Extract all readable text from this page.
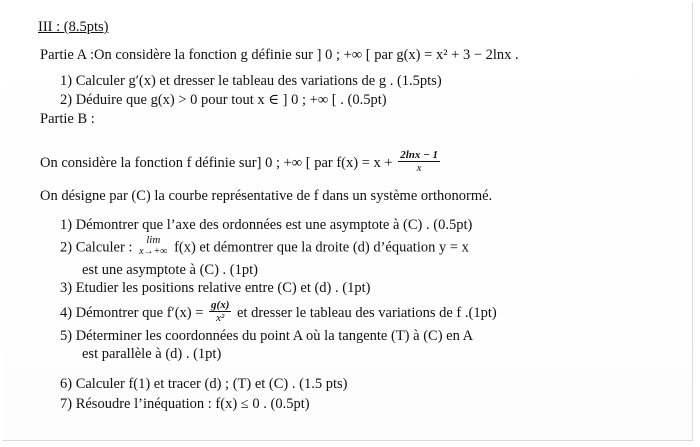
III : (8.5pts)
Partie A :On considère la fonction g définie sur ] 0 ; +∞ [ par g(x) = x² + 3 − 2lnx .
1) Calculer g′(x) et dresser le tableau des variations de g . (1.5pts)
2) Déduire que g(x) > 0 pour tout x ∈ ] 0 ; +∞ [ . (0.5pt)
Partie B :
On considère la fonction f définie sur] 0 ; +∞ [ par $f(x) = x + \frac{2\ln x - 1}{x}$
On désigne par (C) la courbe représentative de f dans un système orthonormé.
1) Démontrer que l’axe des ordonnées est une asymptote à (C) . (0.5pt)
2) Calculer :	lim
x→+∞ f(x) et démontrer que la droite (d) d’équation y = x
est une asymptote à (C) . (1pt)
3) Etudier les positions relative entre (C) et (d) . (1pt)
4) Démontrer que $f'(x) = \frac{g(x)}{\text{x²}}$ et dresser le tableau des variations de f .(1pt)
5) Déterminer les coordonnées du point A où la tangente (T) à (C) en A
est parallèle à (d) . (1pt)
6) Calculer f(1) et tracer (d) ; (T) et (C) . (1.5 pts)
7) Résoudre l’inéquation : f(x) ≤ 0 . (0.5pt)
